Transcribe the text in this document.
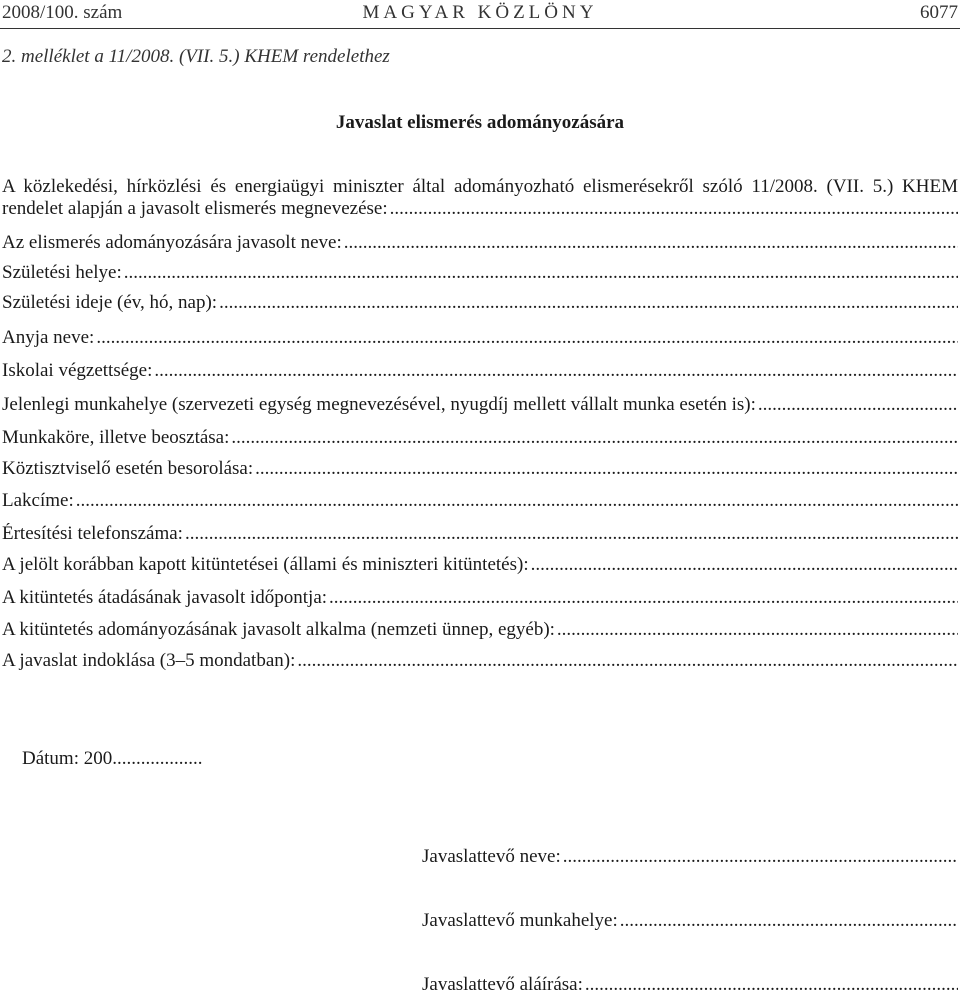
2008/100. szám	MAGYAR KÖZLÖNY	6077
2. melléklet a 11/2008. (VII. 5.) KHEM rendelethez
Javaslat elismerés adományozására

A közlekedési, hírközlési és energiaügyi miniszter által adományozható elismerésekről szóló 11/2008. (VII. 5.) KHEM

rendelet alapján a javasolt elismerés megnevezése:
.....
Az elismerés adományozására javasolt neve:
.....
Születési helye:
.....
Születési ideje (év, hó, nap):
.....
Anyja neve:
.....
Iskolai végzettsége:
.....
Jelenlegi munkahelye (szervezeti egység megnevezésével, nyugdíj mellett vállalt munka esetén is):
.....
Munkaköre, illetve beosztása:
.....
Köztisztviselő esetén besorolása:
.....
Lakcíme:
.....
Értesítési telefonszáma:
.....
A jelölt korábban kapott kitüntetései (állami és miniszteri kitüntetés):
.....
A kitüntetés átadásának javasolt időpontja:
.....
A kitüntetés adományozásának javasolt alkalma (nemzeti ünnep, egyéb):
.....
A javaslat indoklása (3–5 mondatban):
.....
Dátum: 200...................
Javaslattevő neve:
.....
Javaslattevő munkahelye:
.....
Javaslattevő aláírása:
.....
